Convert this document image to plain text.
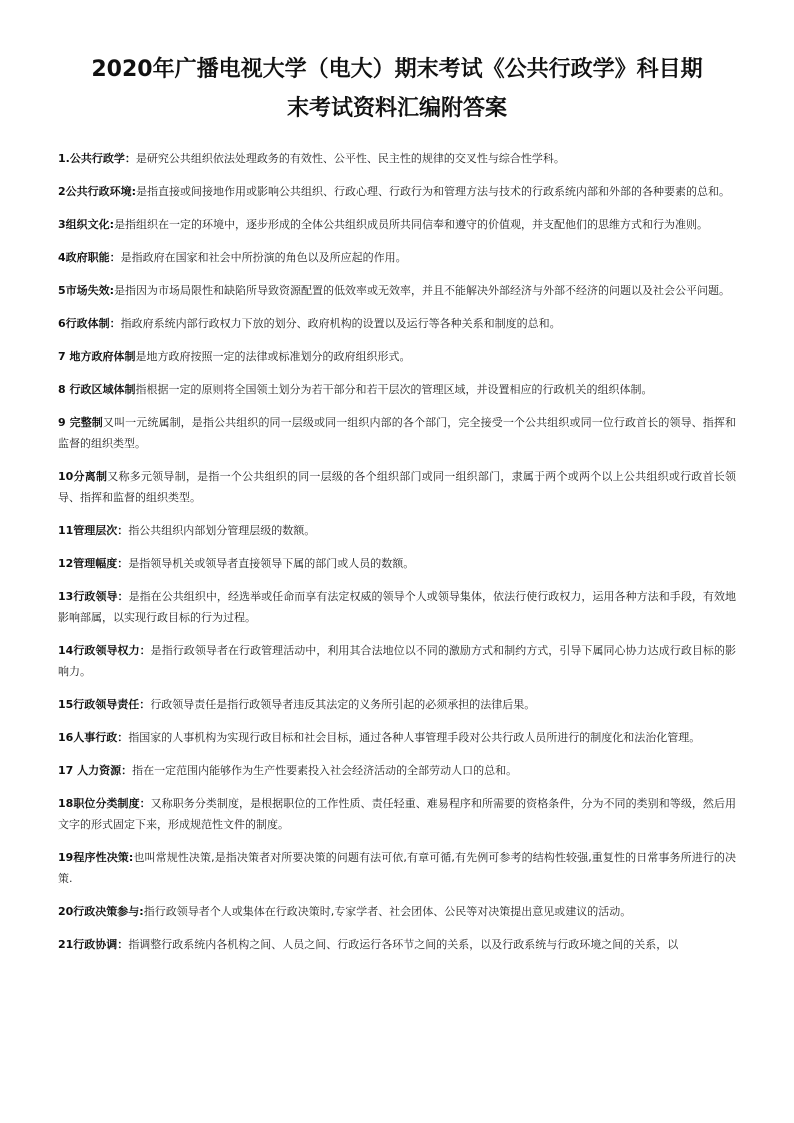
2020年广播电视大学（电大）期末考试《公共行政学》科目期
末考试资料汇编附答案
1.公共行政学：是研究公共组织依法处理政务的有效性、公平性、民主性的规律的交叉性与综合性学科。
2公共行政环境:是指直接或间接地作用或影响公共组织、行政心理、行政行为和管理方法与技术的行政系统内部和外部的各种要素的总和。
3组织文化:是指组织在一定的环境中，逐步形成的全体公共组织成员所共同信奉和遵守的价值观，并支配他们的思维方式和行为准则。
4政府职能：是指政府在国家和社会中所扮演的角色以及所应起的作用。
5市场失效:是指因为市场局限性和缺陷所导致资源配置的低效率或无效率，并且不能解决外部经济与外部不经济的问题以及社会公平问题。
6行政体制：指政府系统内部行政权力下放的划分、政府机构的设置以及运行等各种关系和制度的总和。
7 地方政府体制是地方政府按照一定的法律或标准划分的政府组织形式。
8 行政区域体制指根据一定的原则将全国领土划分为若干部分和若干层次的管理区域，并设置相应的行政机关的组织体制。
9 完整制又叫一元统属制，是指公共组织的同一层级或同一组织内部的各个部门，完全接受一个公共组织或同一位行政首长的领导、指挥和监督的组织类型。
10分离制又称多元领导制，是指一个公共组织的同一层级的各个组织部门或同一组织部门，隶属于两个或两个以上公共组织或行政首长领导、指挥和监督的组织类型。
11管理层次：指公共组织内部划分管理层级的数额。
12管理幅度：是指领导机关或领导者直接领导下属的部门或人员的数额。
13行政领导：是指在公共组织中，经选举或任命而享有法定权威的领导个人或领导集体，依法行使行政权力，运用各种方法和手段，有效地影响部属，以实现行政目标的行为过程。
14行政领导权力：是指行政领导者在行政管理活动中，利用其合法地位以不同的激励方式和制约方式，引导下属同心协力达成行政目标的影响力。
15行政领导责任：行政领导责任是指行政领导者违反其法定的义务所引起的必须承担的法律后果。
16人事行政：指国家的人事机构为实现行政目标和社会目标，通过各种人事管理手段对公共行政人员所进行的制度化和法治化管理。
17 人力资源：指在一定范围内能够作为生产性要素投入社会经济活动的全部劳动人口的总和。
18职位分类制度：又称职务分类制度，是根据职位的工作性质、责任轻重、难易程序和所需要的资格条件，分为不同的类别和等级，然后用文字的形式固定下来，形成规范性文件的制度。
19程序性决策:也叫常规性决策,是指决策者对所要决策的问题有法可依,有章可循,有先例可参考的结构性较强,重复性的日常事务所进行的决策.
20行政决策参与:指行政领导者个人或集体在行政决策时,专家学者、社会团体、公民等对决策提出意见或建议的活动。
21行政协调：指调整行政系统内各机构之间、人员之间、行政运行各环节之间的关系，以及行政系统与行政环境之间的关系，以
